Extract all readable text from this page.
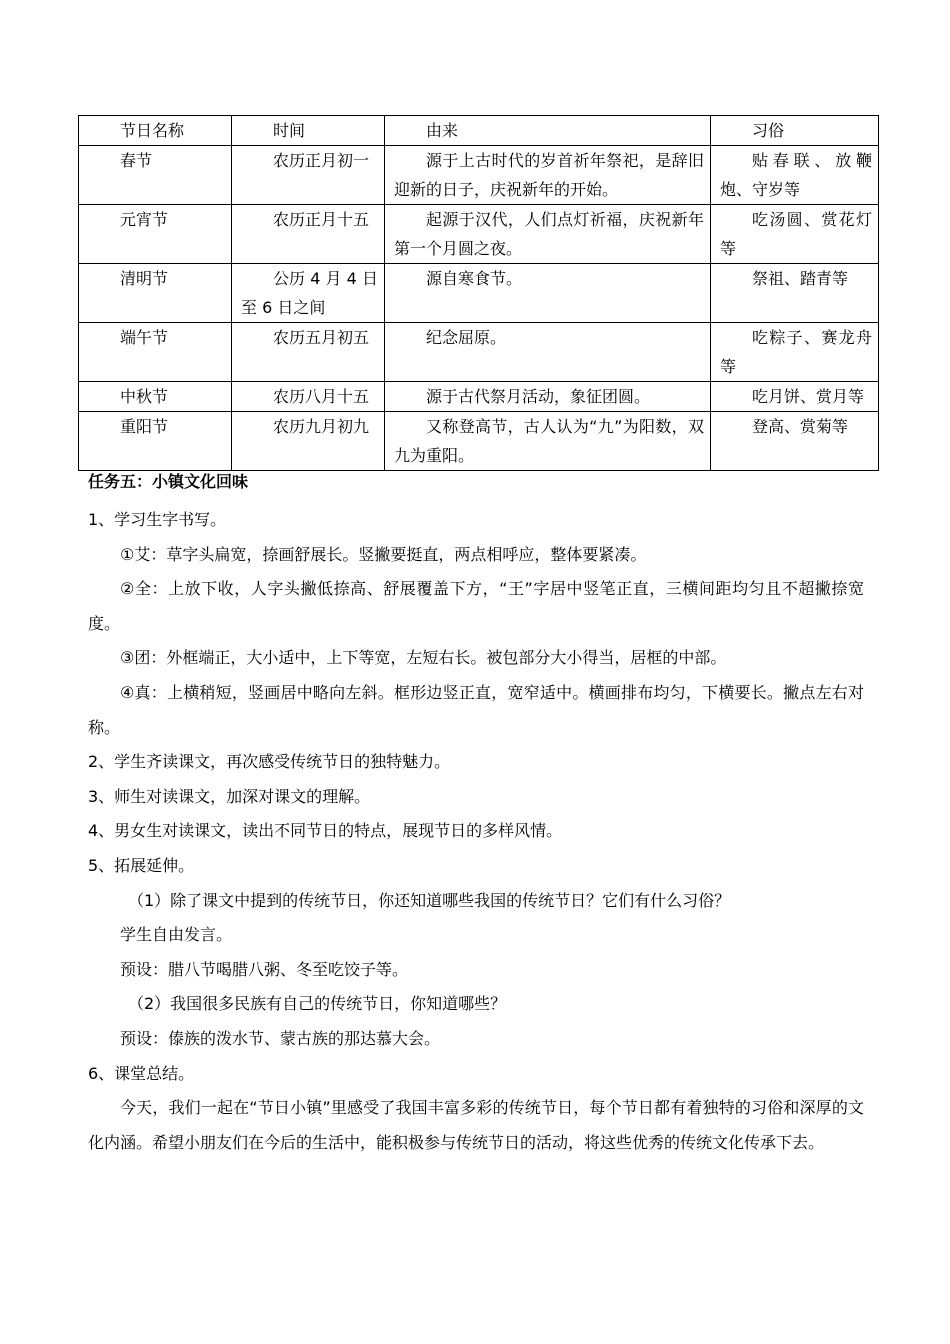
节日名称	时间	由来	习俗

春节	农历正月初一	源于上古时代的岁首祈年祭祀，是辞旧迎新的日子，庆祝新年的开始。	贴春联、放鞭炮、守岁等

元宵节	农历正月十五	起源于汉代，人们点灯祈福，庆祝新年第一个月圆之夜。	吃汤圆、赏花灯等

清明节	公历 4 月 4 日至 6 日之间	源自寒食节。	祭祖、踏青等

端午节	农历五月初五	纪念屈原。	吃粽子、赛龙舟等

中秋节	农历八月十五	源于古代祭月活动，象征团圆。	吃月饼、赏月等

重阳节	农历九月初九	又称登高节，古人认为“九”为阳数，双九为重阳。	登高、赏菊等

任务五：小镇文化回味

1、学习生字书写。

①艾：草字头扁宽，捺画舒展长。竖撇要挺直，两点相呼应，整体要紧凑。

②全：上放下收，人字头撇低捺高、舒展覆盖下方，“王”字居中竖笔正直，三横间距均匀且不超撇捺宽度。

③团：外框端正，大小适中，上下等宽，左短右长。被包部分大小得当，居框的中部。

④真：上横稍短，竖画居中略向左斜。框形边竖正直，宽窄适中。横画排布均匀，下横要长。撇点左右对称。

2、学生齐读课文，再次感受传统节日的独特魅力。

3、师生对读课文，加深对课文的理解。

4、男女生对读课文，读出不同节日的特点，展现节日的多样风情。

5、拓展延伸。

（1）除了课文中提到的传统节日，你还知道哪些我国的传统节日？它们有什么习俗？

学生自由发言。

预设：腊八节喝腊八粥、冬至吃饺子等。

（2）我国很多民族有自己的传统节日，你知道哪些？

预设：傣族的泼水节、蒙古族的那达慕大会。

6、课堂总结。

今天，我们一起在“节日小镇”里感受了我国丰富多彩的传统节日，每个节日都有着独特的习俗和深厚的文化内涵。希望小朋友们在今后的生活中，能积极参与传统节日的活动，将这些优秀的传统文化传承下去。
